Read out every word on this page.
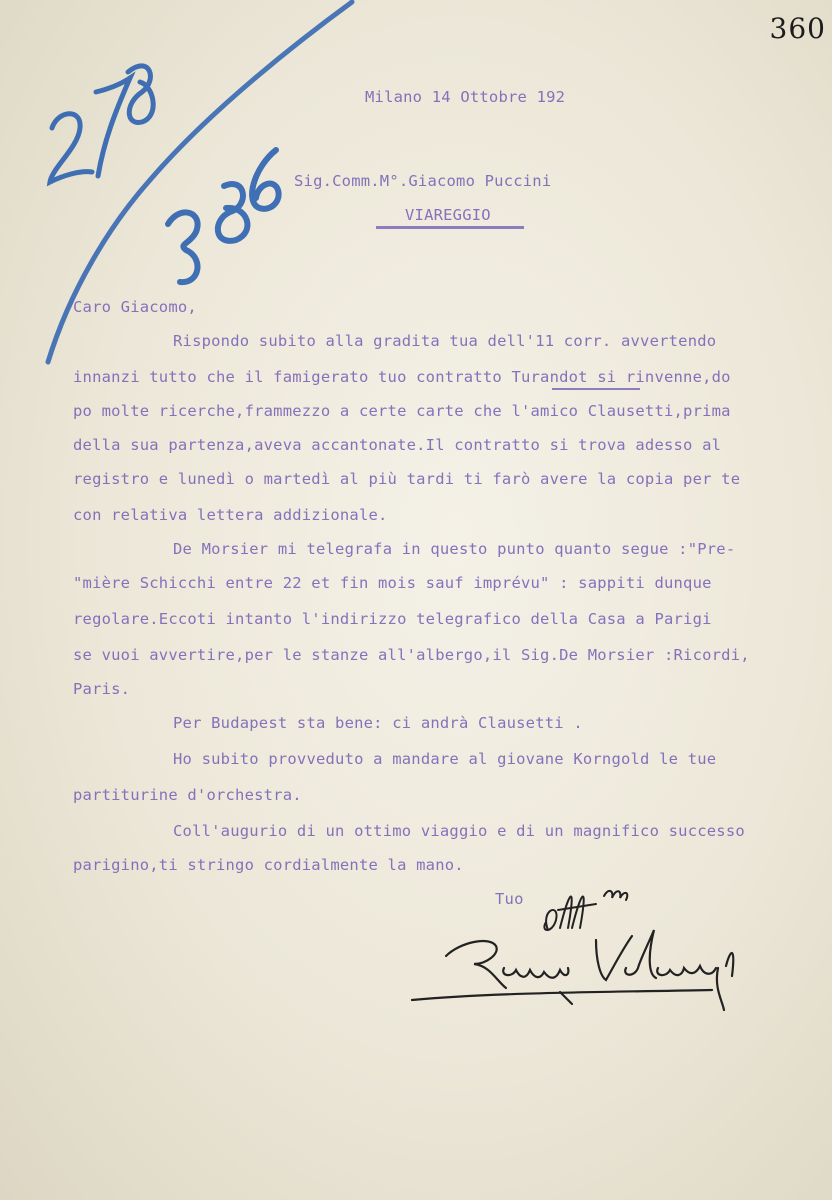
360
Milano 14 Ottobre 192
Sig.Comm.M°.Giacomo Puccini
VIAREGGIO
Caro Giacomo,
Rispondo subito alla gradita tua dell'11 corr. avvertendo
innanzi tutto che il famigerato tuo contratto Turandot si rinvenne,do
po molte ricerche,frammezzo a certe carte che l'amico Clausetti,prima
della sua partenza,aveva accantonate.Il contratto si trova adesso al
registro e lunedì o martedì al più tardi ti farò avere la copia per te
con relativa lettera addizionale.
De Morsier mi telegrafa in questo punto quanto segue :"Pre-
"mière Schicchi entre 22 et fin mois sauf imprévu" : sappiti dunque
regolare.Eccoti intanto l'indirizzo telegrafico della Casa a Parigi
se vuoi avvertire,per le stanze all'albergo,il Sig.De Morsier :Ricordi,
Paris.
Per Budapest sta bene: ci andrà Clausetti .
Ho subito provveduto a mandare al giovane Korngold le tue
partiturine d'orchestra.
Coll'augurio di un ottimo viaggio e di un magnifico successo
parigino,ti stringo cordialmente la mano.
Tuo
